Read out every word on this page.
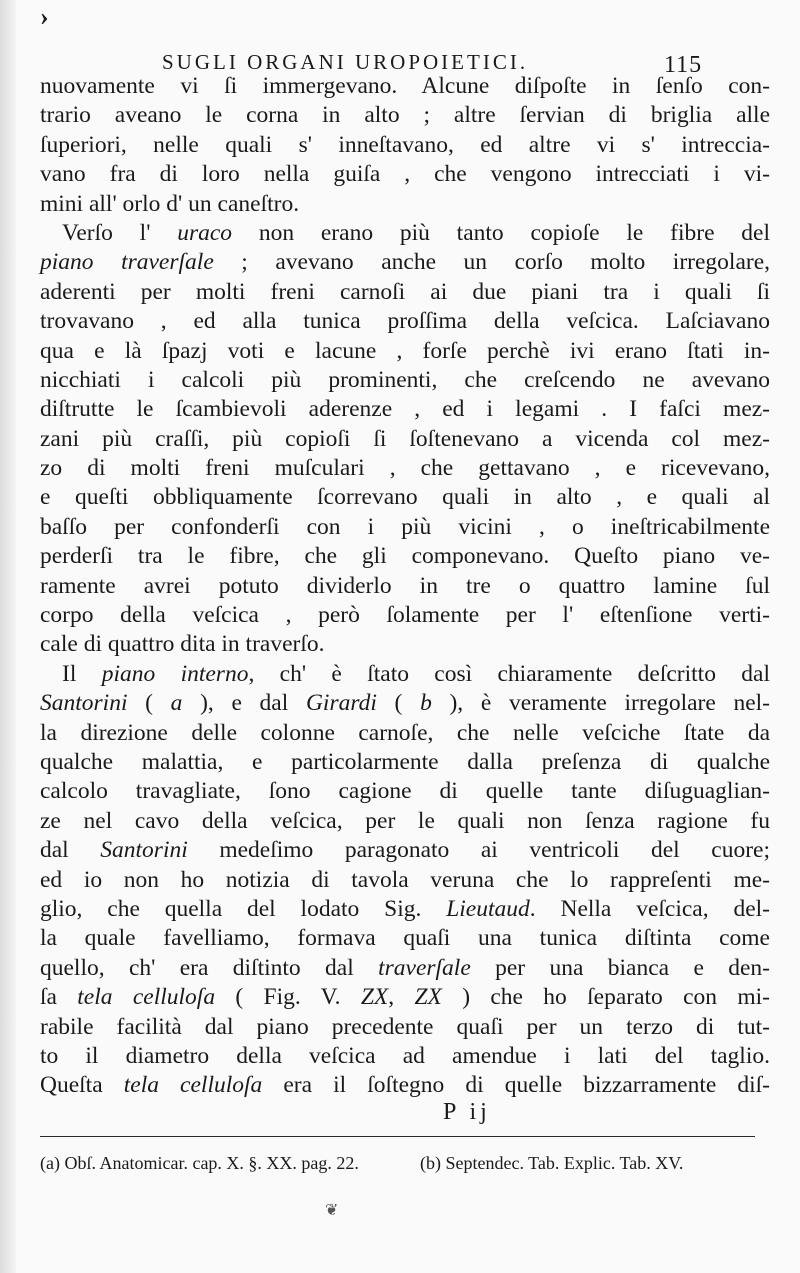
›
SUGLI ORGANI UROPOIETICI.	115
nuovamente vi ſi immergevano. Alcune diſpoſte in ſenſo con-
trario aveano le corna in alto ; altre ſervian di briglia alle
ſuperiori, nelle quali s' inneſtavano, ed altre vi s' intreccia-
vano fra di loro nella guiſa , che vengono intrecciati i vi-
mini all' orlo d' un caneſtro.
Verſo l' uraco non erano più tanto copioſe le fibre del
piano traverſale ; avevano anche un corſo molto irregolare,
aderenti per molti freni carnoſi ai due piani tra i quali ſi
trovavano , ed alla tunica proſſima della veſcica. Laſciavano
qua e là ſpazj voti e lacune , forſe perchè ivi erano ſtati in-
nicchiati i calcoli più prominenti, che creſcendo ne avevano
diſtrutte le ſcambievoli aderenze , ed i legami . I faſci mez-
zani più craſſi, più copioſi ſi ſoſtenevano a vicenda col mez-
zo di molti freni muſculari , che gettavano , e ricevevano,
e queſti obbliquamente ſcorrevano quali in alto , e quali al
baſſo per confonderſi con i più vicini , o ineſtricabilmente
perderſi tra le fibre, che gli componevano. Queſto piano ve-
ramente avrei potuto dividerlo in tre o quattro lamine ſul
corpo della veſcica , però ſolamente per l' eſtenſione verti-
cale di quattro dita in traverſo.
Il piano interno, ch' è ſtato così chiaramente deſcritto dal
Santorini ( a ), e dal Girardi ( b ), è veramente irregolare nel-
la direzione delle colonne carnoſe, che nelle veſciche ſtate da
qualche malattia, e particolarmente dalla preſenza di qualche
calcolo travagliate, ſono cagione di quelle tante diſuguaglian-
ze nel cavo della veſcica, per le quali non ſenza ragione fu
dal Santorini medeſimo paragonato ai ventricoli del cuore;
ed io non ho notizia di tavola veruna che lo rappreſenti me-
glio, che quella del lodato Sig. Lieutaud. Nella veſcica, del-
la quale favelliamo, formava quaſi una tunica diſtinta come
quello, ch' era diſtinto dal traverſale per una bianca e den-
ſa tela celluloſa ( Fig. V. ZX, ZX ) che ho ſeparato con mi-
rabile facilità dal piano precedente quaſi per un terzo di tut-
to il diametro della veſcica ad amendue i lati del taglio.
Queſta tela celluloſa era il ſoſtegno di quelle bizzarramente diſ-
P ij
(a) Obſ. Anatomicar. cap. X. §. XX. pag. 22.	(b) Septendec. Tab. Explic. Tab. XV.
❦
